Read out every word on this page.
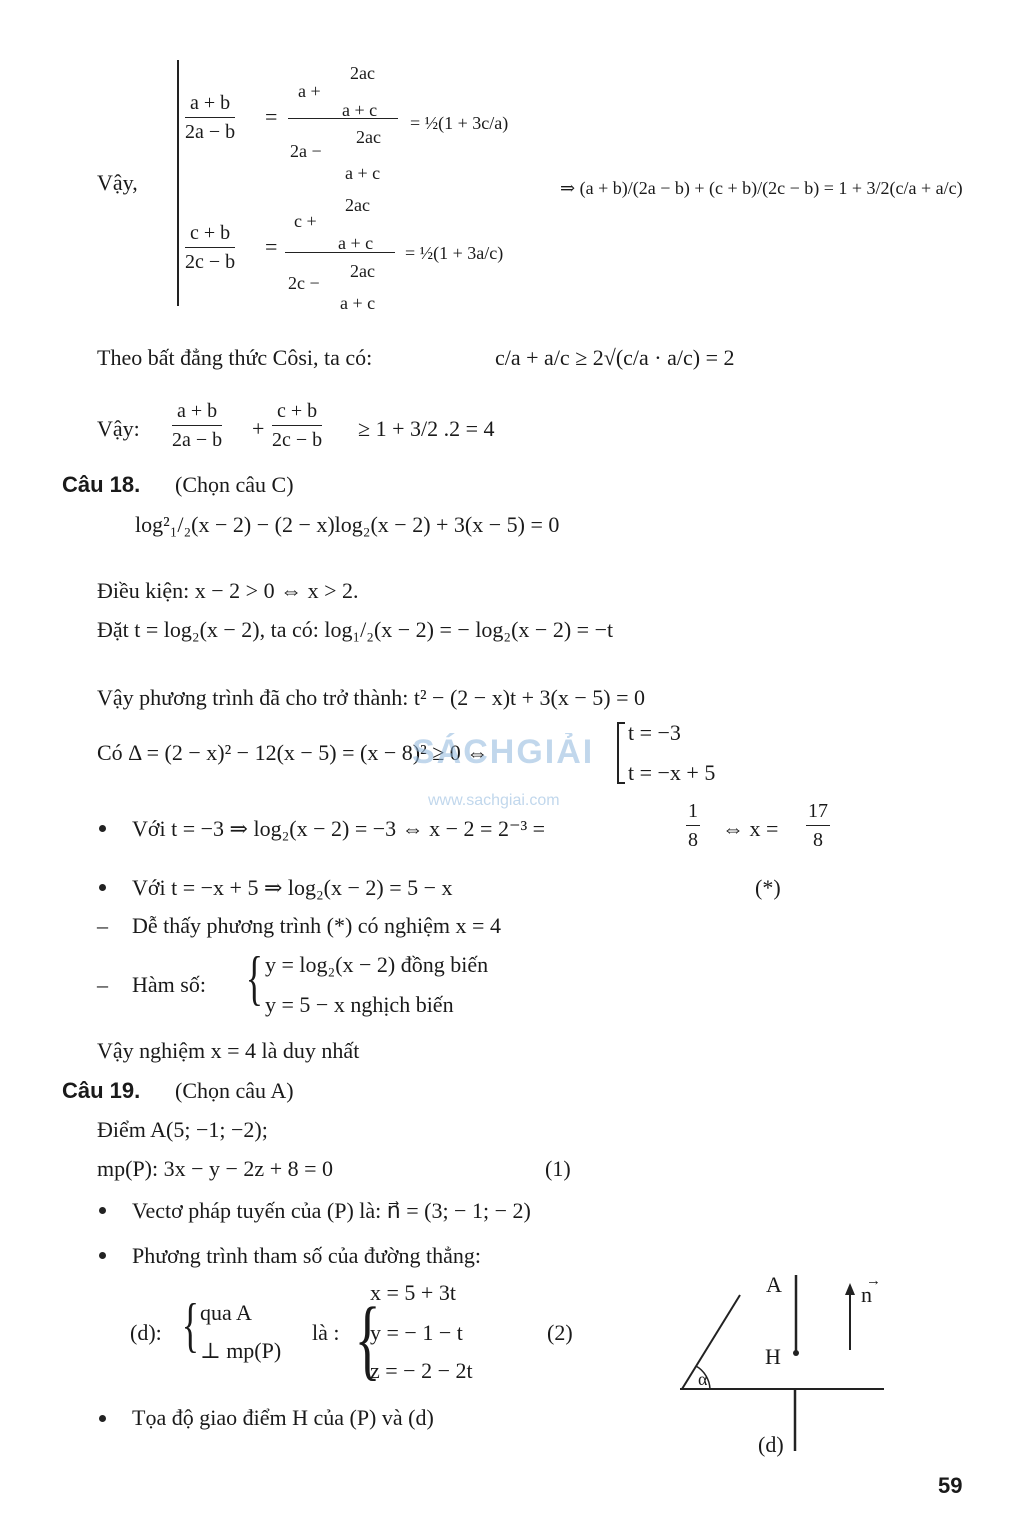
Vậy,
a + b
2a − b
=
a +
2ac
a + c
2a −
2ac
a + c
= ½(1 + 3c/a)
c + b
2c − b
=
c +
2ac
a + c
2c −
2ac
a + c
= ½(1 + 3a/c)
⇒ (a + b)/(2a − b) + (c + b)/(2c − b) = 1 + 3/2(c/a + a/c)
Theo bất đẳng thức Côsi, ta có:	c/a + a/c ≥ 2√(c/a · a/c) = 2
Vậy:
a + b
2a − b +
c + b
2c − b ≥ 1 + 3/2 .2 = 4
Câu 18. (Chọn câu C)
log²₁/₂(x − 2) − (2 − x)log₂(x − 2) + 3(x − 5) = 0
Điều kiện: x − 2 > 0 ⇔ x > 2.
Đặt t = log₂(x − 2), ta có: log₁/₂(x − 2) = − log₂(x − 2) = −t
Vậy phương trình đã cho trở thành: t² − (2 − x)t + 3(x − 5) = 0
Có Δ = (2 − x)² − 12(x − 5) = (x − 8)² ≥ 0 ⇔
t = −3
t = −x + 5
Với t = −3 ⇒ log₂(x − 2) = −3 ⇔ x − 2 = 2⁻³ =
1
8 ⇔ x =
17
8
Với t = −x + 5 ⇒ log₂(x − 2) = 5 − x	(*)
– Dễ thấy phương trình (*) có nghiệm x = 4
– Hàm số: { y = log₂(x − 2) đồng biến
y = 5 − x nghịch biến
Vậy nghiệm x = 4 là duy nhất
SÁCHGIẢI
www.sachgiai.com
Câu 19. (Chọn câu A)
Điểm A(5; −1; −2);
mp(P): 3x − y − 2z + 8 = 0	(1)
Vectơ pháp tuyến của (P) là: n⃗ = (3; − 1; − 2)
Phương trình tham số của đường thẳng:
(d): { qua A
⊥ mp(P)
là : {
x = 5 + 3t
y = − 1 − t
z = − 2 − 2t
(2)
Tọa độ giao điểm H của (P) và (d)
A
H
n
→
α
(d)
59
